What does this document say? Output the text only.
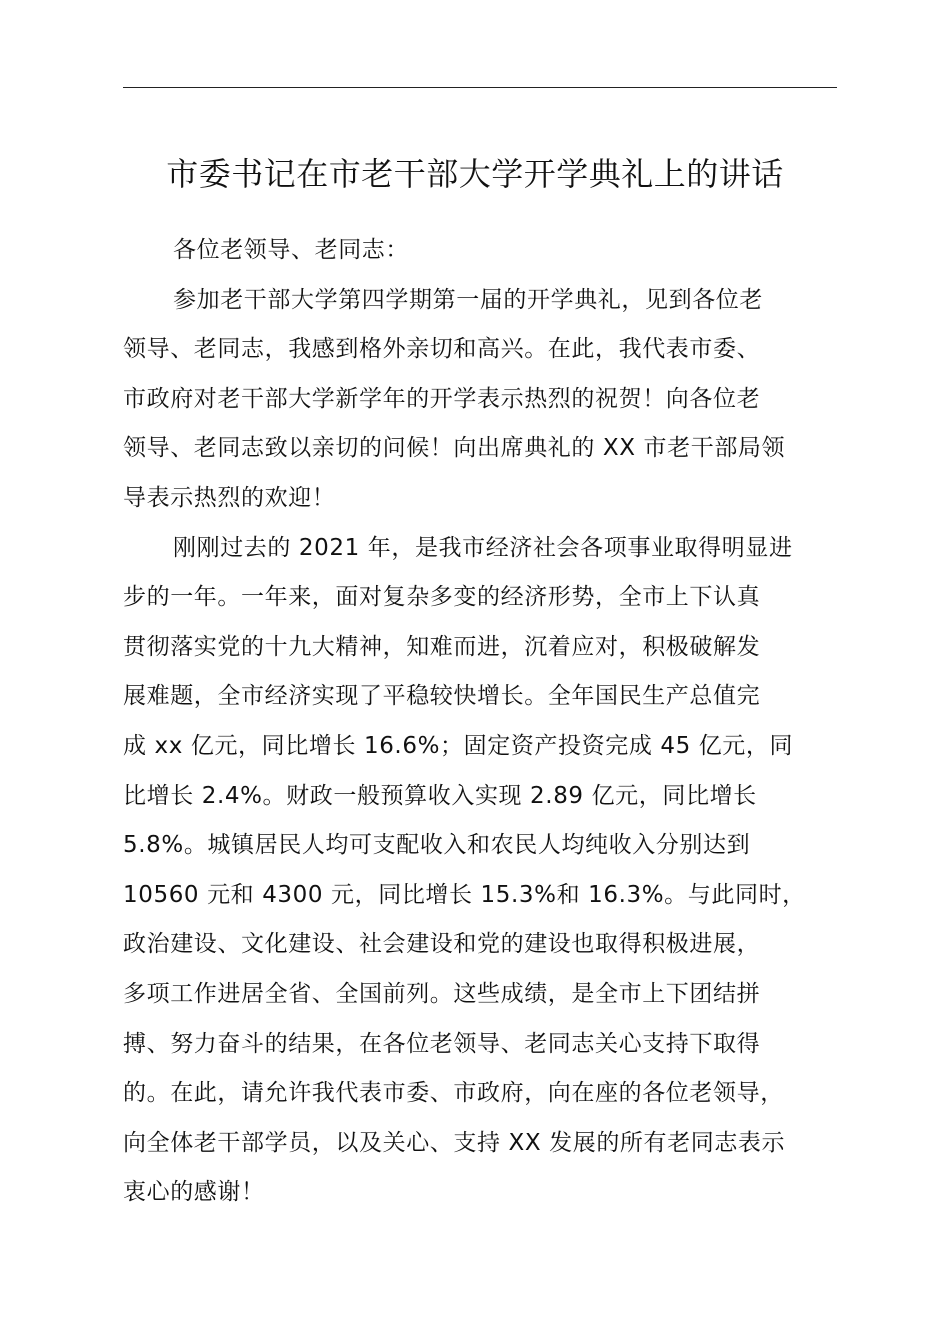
市委书记在市老干部大学开学典礼上的讲话
各位老领导、老同志：
参加老干部大学第四学期第一届的开学典礼，见到各位老
领导、老同志，我感到格外亲切和高兴。在此，我代表市委、
市政府对老干部大学新学年的开学表示热烈的祝贺！向各位老
领导、老同志致以亲切的问候！向出席典礼的 XX 市老干部局领
导表示热烈的欢迎！
刚刚过去的 2021 年，是我市经济社会各项事业取得明显进
步的一年。一年来，面对复杂多变的经济形势，全市上下认真
贯彻落实党的十九大精神，知难而进，沉着应对，积极破解发
展难题，全市经济实现了平稳较快增长。全年国民生产总值完
成 xx 亿元，同比增长 16.6%；固定资产投资完成 45 亿元，同
比增长 2.4%。财政一般预算收入实现 2.89 亿元，同比增长
5.8%。城镇居民人均可支配收入和农民人均纯收入分别达到
10560 元和 4300 元，同比增长 15.3%和 16.3%。与此同时，
政治建设、文化建设、社会建设和党的建设也取得积极进展，
多项工作进居全省、全国前列。这些成绩，是全市上下团结拼
搏、努力奋斗的结果，在各位老领导、老同志关心支持下取得
的。在此，请允许我代表市委、市政府，向在座的各位老领导，
向全体老干部学员，以及关心、支持 XX 发展的所有老同志表示
衷心的感谢！
